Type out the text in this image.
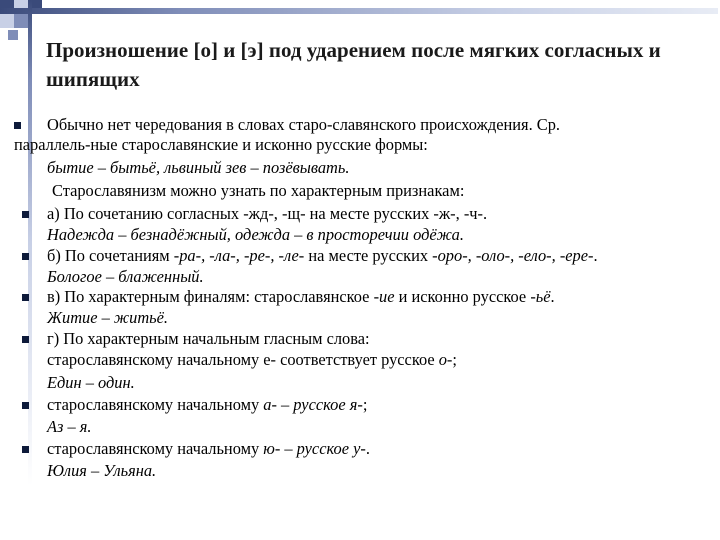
Произношение [о] и [э] под ударением после мягких согласных и шипящих
Обычно нет чередования в словах старо-славянского происхождения. Ср.
параллель-ные старославянские и исконно русские формы:
бытие – бытьё, львиный зев – позёвывать.
Старославянизм можно узнать по характерным признакам:
а) По сочетанию согласных -жд-, -щ- на месте русских -ж-, -ч-.
Надежда – безнадёжный, одежда – в просторечии одёжа.
б) По сочетаниям -ра-, -ла-, -ре-, -ле- на месте русских -оро-, -оло-, -ело-, -ере-.
Бологое – блаженный.
в) По характерным финалям: старославянское -ие и исконно русское -ьё.
Житие – житьё.
г) По характерным начальным гласным слова:
старославянскому начальному е- соответствует русское о-;
Един – один.
старославянскому начальному а- – русское я-;
Аз – я.
старославянскому начальному ю- – русское у-.
Юлия – Ульяна.
